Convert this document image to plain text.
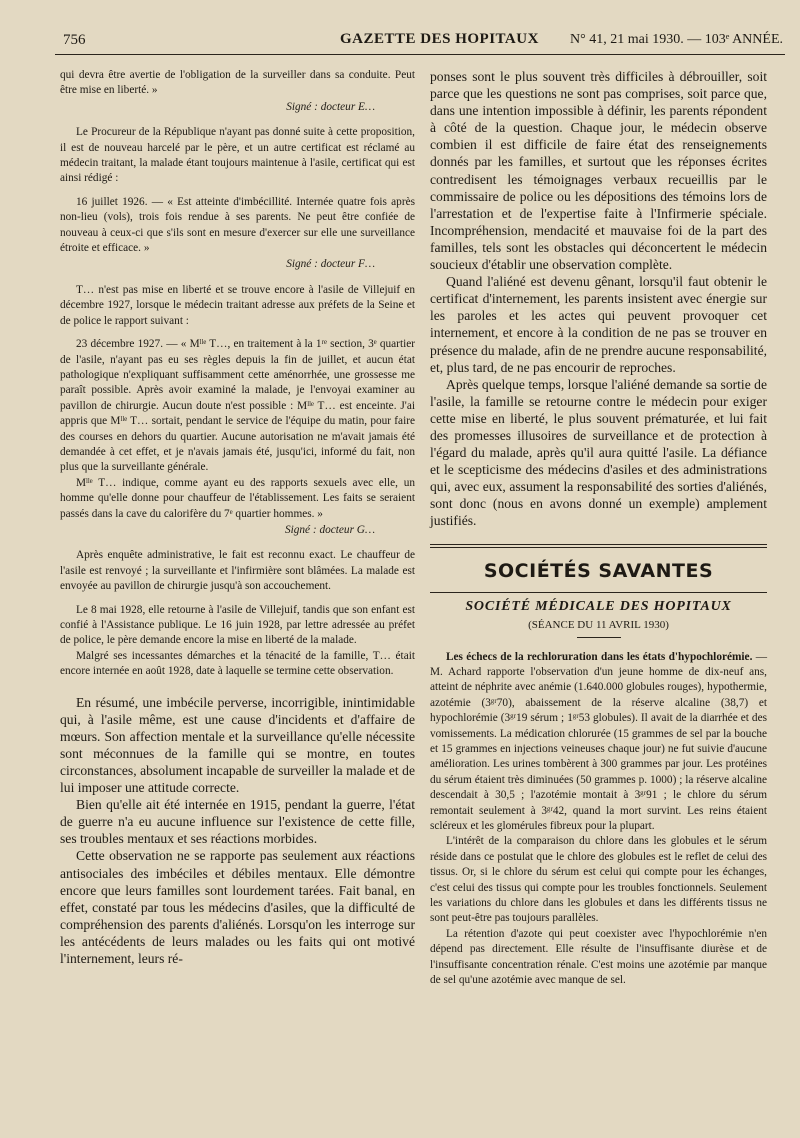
756	GAZETTE DES HOPITAUX N° 41, 21 mai 1930. — 103ᵉ ANNÉE.

qui devra être avertie de l'obligation de la surveiller dans sa conduite. Peut être mise en liberté. »

Signé : docteur E…

Le Procureur de la République n'ayant pas donné suite à cette proposition, il est de nouveau harcelé par le père, et un autre certificat est réclamé au médecin traitant, la malade étant toujours maintenue à l'asile, certificat qui est ainsi rédigé :

16 juillet 1926. — « Est atteinte d'imbécillité. Internée quatre fois après non-lieu (vols), trois fois rendue à ses parents. Ne peut être confiée de nouveau à ceux-ci que s'ils sont en mesure d'exercer sur elle une surveillance étroite et efficace. »

Signé : docteur F…

T… n'est pas mise en liberté et se trouve encore à l'asile de Villejuif en décembre 1927, lorsque le médecin traitant adresse aux préfets de la Seine et de police le rapport suivant :

23 décembre 1927. — « Mˡˡᵉ T…, en traitement à la 1ʳᵉ section, 3ᵉ quartier de l'asile, n'ayant pas eu ses règles depuis la fin de juillet, et aucun état pathologique n'expliquant suffisamment cette aménorrhée, une grossesse me paraît possible. Après avoir examiné la malade, je l'envoyai examiner au pavillon de chirurgie. Aucun doute n'est possible : Mˡˡᵉ T… est enceinte. J'ai appris que Mˡˡᵉ T… sortait, pendant le service de l'équipe du matin, pour faire des courses en dehors du quartier. Aucune autorisation ne m'avait jamais été demandée à cet effet, et je n'avais jamais été, jusqu'ici, informé du fait, non plus que la surveillante générale.

Mˡˡᵉ T… indique, comme ayant eu des rapports sexuels avec elle, un homme qu'elle donne pour chauffeur de l'établissement. Les faits se seraient passés dans la cave du calorifère du 7ᵉ quartier hommes. »

Signé : docteur G…

Après enquête administrative, le fait est reconnu exact. Le chauffeur de l'asile est renvoyé ; la surveillante et l'infirmière sont blâmées. La malade est envoyée au pavillon de chirurgie jusqu'à son accouchement.

Le 8 mai 1928, elle retourne à l'asile de Villejuif, tandis que son enfant est confié à l'Assistance publique. Le 16 juin 1928, par lettre adressée au préfet de police, le père demande encore la mise en liberté de la malade.

Malgré ses incessantes démarches et la ténacité de la famille, T… était encore internée en août 1928, date à laquelle se termine cette observation.

En résumé, une imbécile perverse, incorrigible, inintimidable qui, à l'asile même, est une cause d'incidents et d'affaire de mœurs. Son affection mentale et la surveillance qu'elle nécessite sont méconnues de la famille qui se montre, en toutes circonstances, absolument incapable de surveiller la malade et de lui imposer une attitude correcte.

Bien qu'elle ait été internée en 1915, pendant la guerre, l'état de guerre n'a eu aucune influence sur l'existence de cette fille, ses troubles mentaux et ses réactions morbides.

Cette observation ne se rapporte pas seulement aux réactions antisociales des imbéciles et débiles mentaux. Elle démontre encore que leurs familles sont lourdement tarées. Fait banal, en effet, constaté par tous les médecins d'asiles, que la difficulté de compréhension des parents d'aliénés. Lorsqu'on les interroge sur les antécédents de leurs malades ou les faits qui ont motivé l'internement, leurs ré-

ponses sont le plus souvent très difficiles à débrouiller, soit parce que les questions ne sont pas comprises, soit parce que, dans une intention impossible à définir, les parents répondent à côté de la question. Chaque jour, le médecin observe combien il est difficile de faire état des renseignements donnés par les familles, et surtout que les réponses écrites contredisent les témoignages verbaux recueillis par le commissaire de police ou les dépositions des témoins lors de l'arrestation et de l'expertise faite à l'Infirmerie spéciale. Incompréhension, mendacité et mauvaise foi de la part des familles, tels sont les obstacles qui déconcertent le médecin soucieux d'établir une observation complète.

Quand l'aliéné est devenu gênant, lorsqu'il faut obtenir le certificat d'internement, les parents insistent avec énergie sur les paroles et les actes qui peuvent provoquer cet internement, et encore à la condition de ne pas se trouver en présence du malade, afin de ne prendre aucune responsabilité, et, plus tard, de ne pas encourir de reproches.

Après quelque temps, lorsque l'aliéné demande sa sortie de l'asile, la famille se retourne contre le médecin pour exiger cette mise en liberté, le plus souvent prématurée, et lui fait des promesses illusoires de surveillance et de protection à l'égard du malade, après qu'il aura quitté l'asile. La défiance et le scepticisme des médecins d'asiles et des administrations qui, avec eux, assument la responsabilité des sorties d'aliénés, sont donc (nous en avons donné un exemple) amplement justifiés.

SOCIÉTÉS SAVANTES
SOCIÉTÉ MÉDICALE DES HOPITAUX
(SÉANCE DU 11 AVRIL 1930)

Les échecs de la rechloruration dans les états d'hypochlorémie. — M. Achard rapporte l'observation d'un jeune homme de dix-neuf ans, atteint de néphrite avec anémie (1.640.000 globules rouges), hypothermie, azotémie (3ᵍʳ70), abaissement de la réserve alcaline (38,7) et hypochlorémie (3ᵍʳ19 sérum ; 1ᵍʳ53 globules). Il avait de la diarrhée et des vomissements. La médication chlorurée (15 grammes de sel par la bouche et 15 grammes en injections veineuses chaque jour) ne fut suivie d'aucune amélioration. Les urines tombèrent à 300 grammes par jour. Les protéines du sérum étaient très diminuées (50 grammes p. 1000) ; la réserve alcaline descendait à 30,5 ; l'azotémie montait à 3ᵍʳ91 ; le chlore du sérum remontait seulement à 3ᵍʳ42, quand la mort survint. Les reins étaient scléreux et les glomérules fibreux pour la plupart.

L'intérêt de la comparaison du chlore dans les globules et le sérum réside dans ce postulat que le chlore des globules est le reflet de celui des tissus. Or, si le chlore du sérum est celui qui compte pour les échanges, c'est celui des tissus qui compte pour les troubles fonctionnels. Seulement les variations du chlore dans les globules et dans les différents tissus ne sont peut-être pas toujours parallèles.

La rétention d'azote qui peut coexister avec l'hypochlorémie n'en dépend pas directement. Elle résulte de l'insuffisante diurèse et de l'insuffisante concentration rénale. C'est moins une azotémie par manque de sel qu'une azotémie avec manque de sel.
